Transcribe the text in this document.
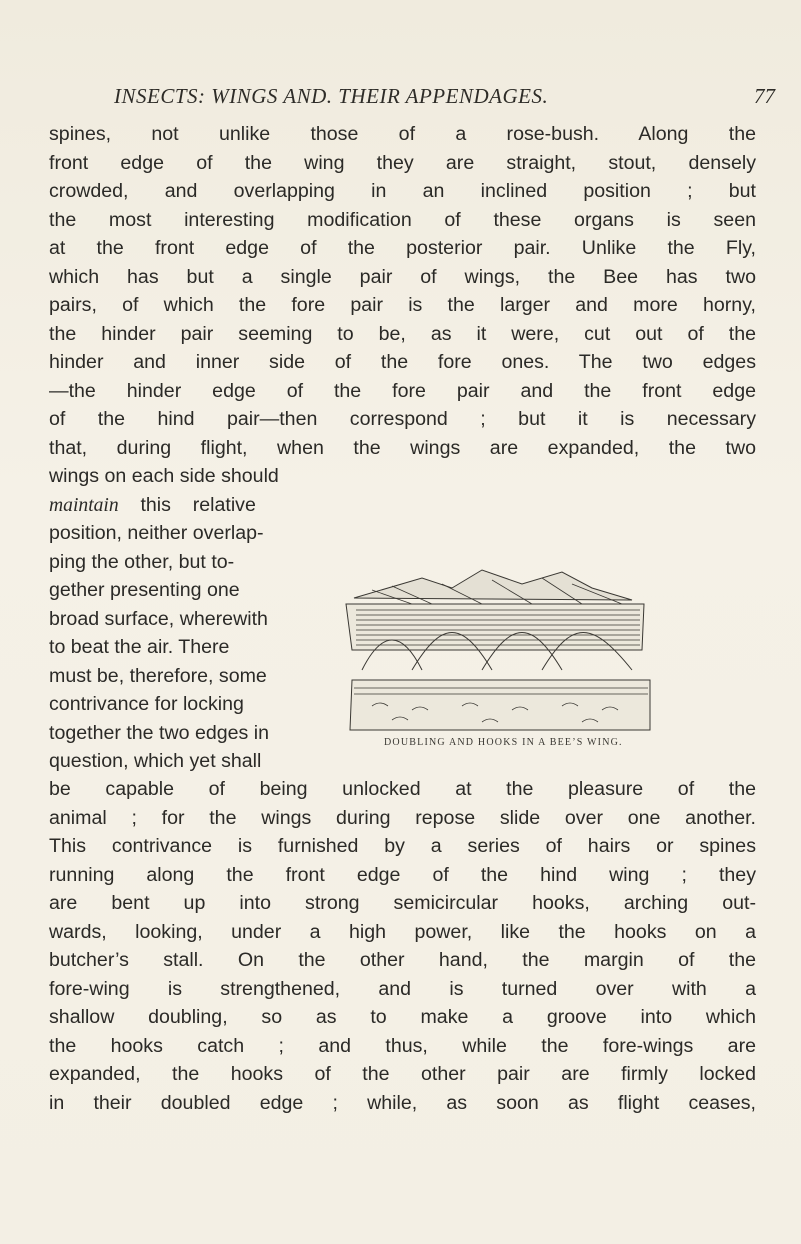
INSECTS: WINGS AND. THEIR APPENDAGES.	77
spines, not unlike those of a rose-bush. Along the
front edge of the wing they are straight, stout, densely
crowded, and overlapping in an inclined position ; but
the most interesting modification of these organs is seen
at the front edge of the posterior pair. Unlike the Fly,
which has but a single pair of wings, the Bee has two
pairs, of which the fore pair is the larger and more horny,
the hinder pair seeming to be, as it were, cut out of the
hinder and inner side of the fore ones. The two edges
—the hinder edge of the fore pair and the front edge
of the hind pair—then correspond ; but it is necessary
that, during flight, when the wings are expanded, the two
wings on each side should
maintain    this    relative
position, neither overlap-
ping the other, but to-
gether presenting one
broad surface, wherewith
to beat the air. There
must be, therefore, some
contrivance for locking
together the two edges in
question, which yet shall
DOUBLING AND HOOKS IN A BEE’S WING.
be capable of being unlocked at the pleasure of the
animal ; for the wings during repose slide over one another.
This contrivance is furnished by a series of hairs or spines
running along the front edge of the hind wing ; they
are bent up into strong semicircular hooks, arching out-
wards, looking, under a high power, like the hooks on a
butcher’s stall. On the other hand, the margin of the
fore-wing is strengthened, and is turned over with a
shallow doubling, so as to make a groove into which
the hooks catch ; and thus, while the fore-wings are
expanded, the hooks of the other pair are firmly locked
in their doubled edge ; while, as soon as flight ceases,
